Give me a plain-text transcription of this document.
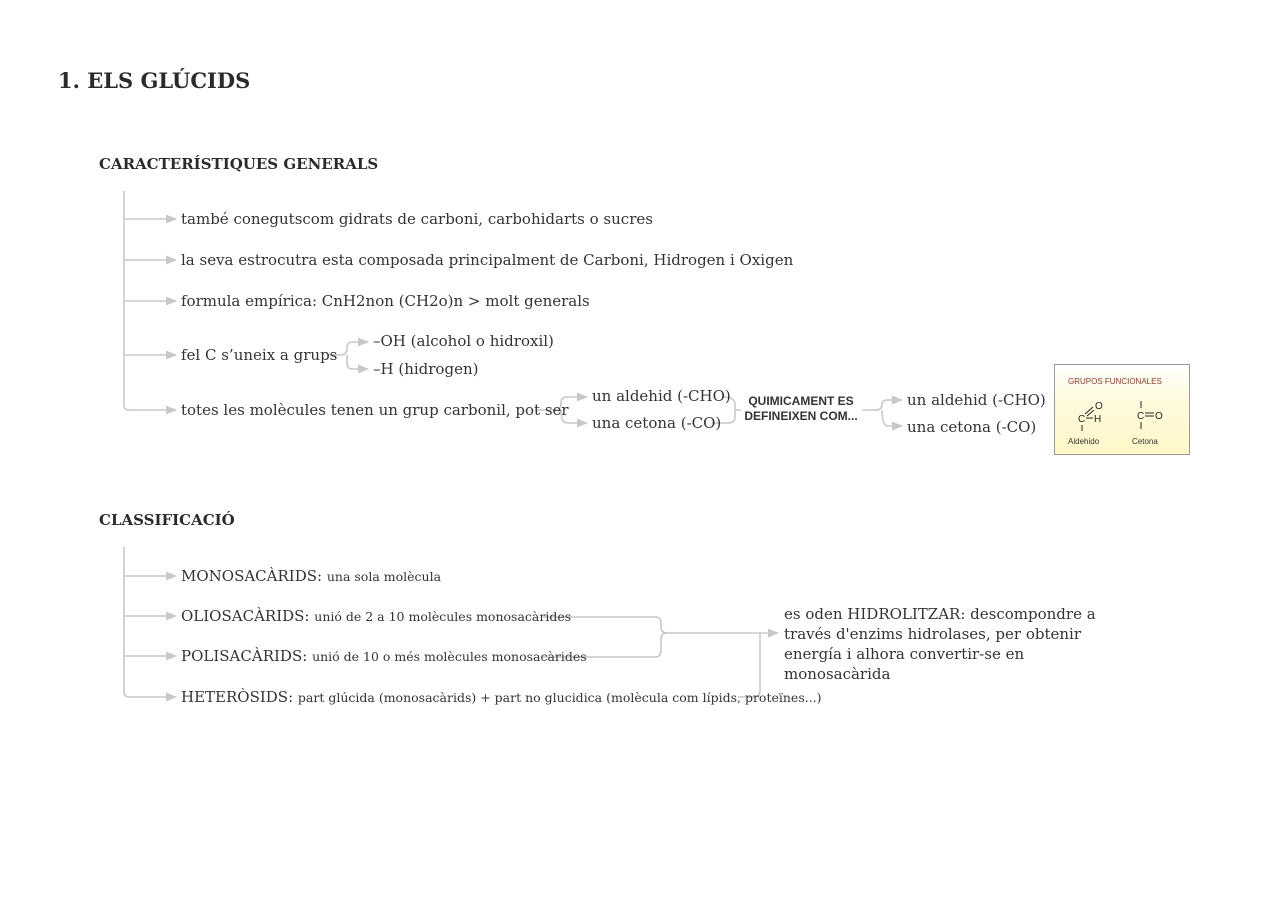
1. ELS GLÚCIDS
CARACTERÍSTIQUES GENERALS
també conegutscom gidrats de carboni, carbohidarts o sucres
la seva estrocutra esta composada principalment de Carboni, Hidrogen i Oxigen
formula empírica: CnH2non (CH2o)n > molt generals
fel C s’uneix a grups
totes les molècules tenen un grup carbonil, pot ser
–OH (alcohol o hidroxil)
–H (hidrogen)
un aldehid (-CHO)
una cetona (-CO)
QUIMICAMENT ES
DEFINEIXEN COM...
un aldehid (-CHO)
una cetona (-CO)
GRUPOS FUNCIONALES
C
O
H	C O
Aldehido	Cetona
CLASSIFICACIÓ
MONOSACÀRIDS: una sola molècula
OLIOSACÀRIDS: unió de 2 a 10 molècules monosacàrides
POLISACÀRIDS: unió de 10 o més molècules monosacàrides
HETERÒSIDS: part glúcida (monosacàrids) + part no glucidica (molècula com lípids, proteïnes...)
es oden HIDROLITZAR: descompondre a través d'enzims hidrolases, per obtenir energía i alhora convertir-se en monosacàrida
